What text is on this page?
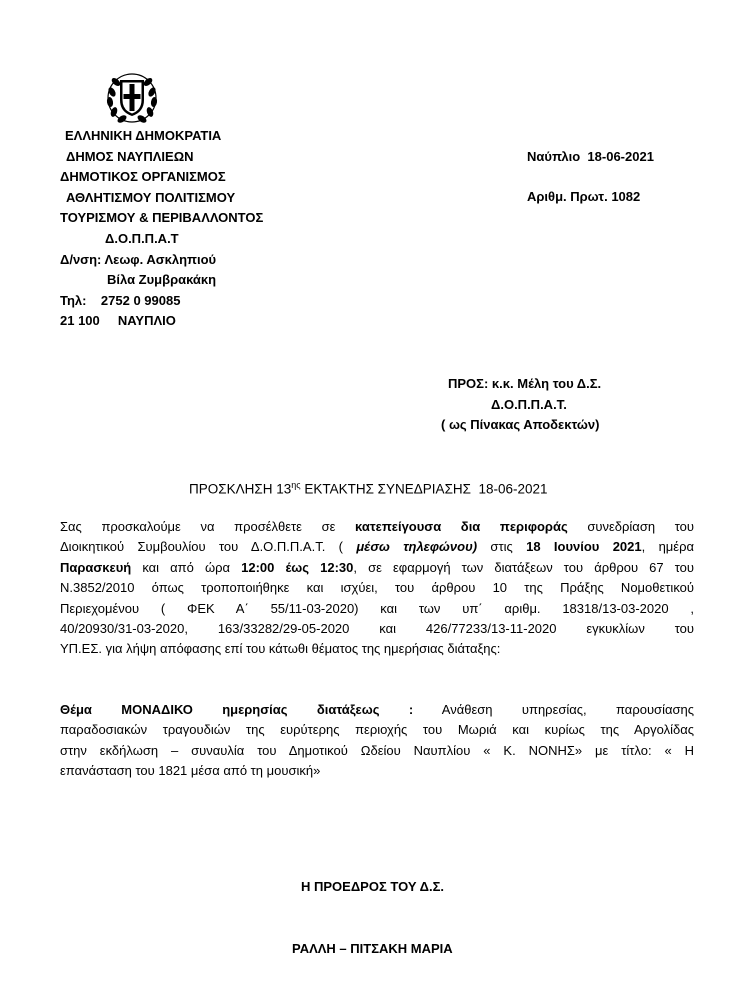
ΕΛΛΗΝΙΚΗ ΔΗΜΟΚΡΑΤΙΑ
ΔΗΜΟΣ ΝΑΥΠΛΙΕΩΝ
ΔΗΜΟΤΙΚΟΣ ΟΡΓΑΝΙΣΜΟΣ
ΑΘΛΗΤΙΣΜΟΥ ΠΟΛΙΤΙΣΜΟΥ
ΤΟΥΡΙΣΜΟΥ & ΠΕΡΙΒΑΛΛΟΝΤΟΣ
Δ.Ο.Π.Π.Α.Τ
Δ/νση: Λεωφ. Ασκληπιού
Βίλα Ζυμβρακάκη
Τηλ:    2752 0 99085
21 100     ΝΑΥΠΛΙΟ
Ναύπλιο  18-06-2021
Αριθμ. Πρωτ. 1082
ΠΡΟΣ: κ.κ. Μέλη του Δ.Σ.
Δ.Ο.Π.Π.Α.Τ.
( ως Πίνακας Αποδεκτών)
ΠΡΟΣΚΛΗΣΗ $13^{\eta\varsigma}$ ΕΚΤΑΚΤΗΣ ΣΥΝΕΔΡΙΑΣΗΣ  18-06-2021
Σας προσκαλούμε να προσέλθετε σε κατεπείγουσα δια περιφοράς συνεδρίαση του
Διοικητικού Συμβουλίου του Δ.Ο.Π.Π.Α.Τ. ( μέσω τηλεφώνου) στις 18 Ιουνίου 2021, ημέρα
Παρασκευή και από ώρα 12:00 έως 12:30, σε εφαρμογή των διατάξεων του άρθρου 67 του
Ν.3852/2010 όπως τροποποιήθηκε και ισχύει, του άρθρου 10 της Πράξης Νομοθετικού
Περιεχομένου ( ΦΕΚ Α΄ 55/11-03-2020) και των υπ΄ αριθμ. 18318/13-03-2020 ,
40/20930/31-03-2020, 163/33282/29-05-2020 και 426/77233/13-11-2020 εγκυκλίων του
ΥΠ.ΕΣ. για λήψη απόφασης επί του κάτωθι θέματος της ημερήσιας διάταξης:
Θέμα ΜΟΝΑΔΙΚΟ ημερησίας διατάξεως : Ανάθεση υπηρεσίας, παρουσίασης
παραδοσιακών τραγουδιών της ευρύτερης περιοχής του Μωριά και κυρίως της Αργολίδας
στην εκδήλωση – συναυλία του Δημοτικού Ωδείου Ναυπλίου « Κ. ΝΟΝΗΣ» με τίτλο: « Η
επανάσταση του 1821 μέσα από τη μουσική»
Η ΠΡΟΕΔΡΟΣ ΤΟΥ Δ.Σ.
ΡΑΛΛΗ – ΠΙΤΣΑΚΗ ΜΑΡΙΑ
